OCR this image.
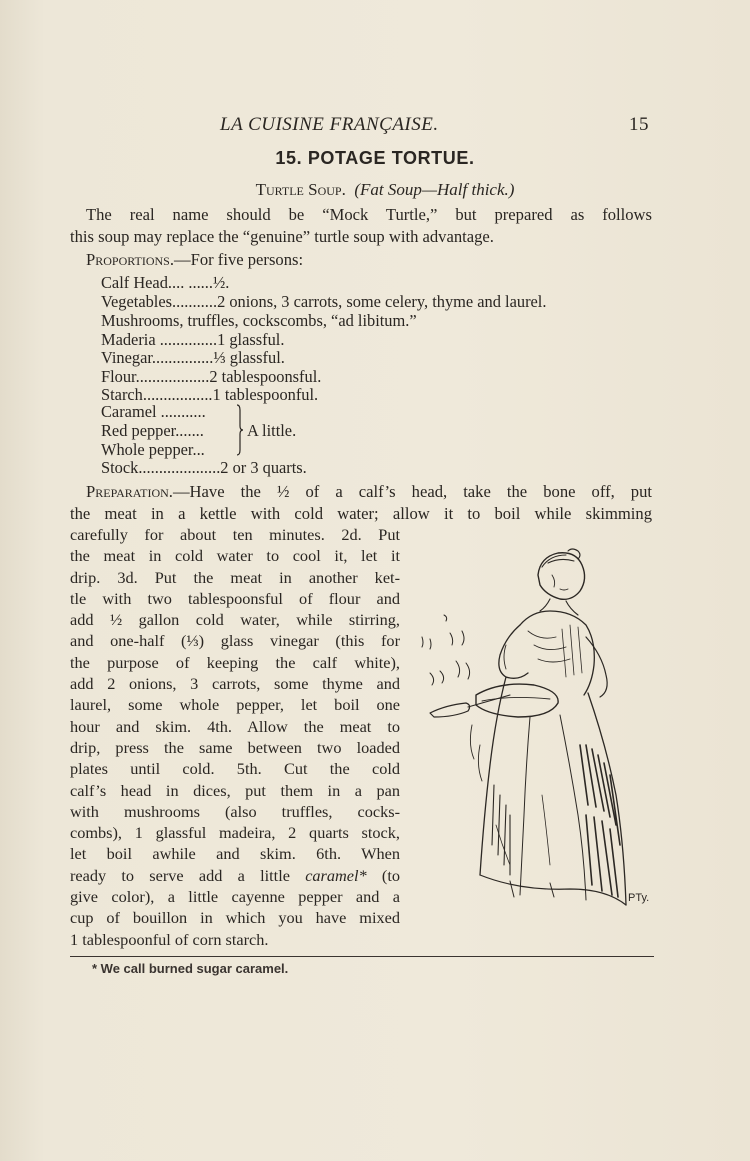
LA CUISINE FRANÇAISE.	15
15. POTAGE TORTUE.
Turtle Soup. (Fat Soup—Half thick.)
The real name should be “Mock Turtle,” but prepared as follows
this soup may replace the “genuine” turtle soup with advantage.
Proportions.—For five persons:
Calf Head.... ......½.
Vegetables...........2 onions, 3 carrots, some celery, thyme and laurel.
Mushrooms, truffles, cockscombs, “ad libitum.”
Maderia ..............1 glassful.
Vinegar...............⅓ glassful.
Flour..................2 tablespoonsful.
Starch.................1 tablespoonful.
Caramel ...........
Red pepper.......
Whole pepper...
A little.
Stock....................2 or 3 quarts.
Preparation.—Have the ½ of a calf’s head, take the bone off, put
the meat in a kettle with cold water; allow it to boil while skimming
carefully for about ten minutes. 2d. Put
the meat in cold water to cool it, let it
drip. 3d. Put the meat in another ket-
tle with two tablespoonsful of flour and
add ½ gallon cold water, while stirring,
and one-half (⅓) glass vinegar (this for
the purpose of keeping the calf white),
add 2 onions, 3 carrots, some thyme and
laurel, some whole pepper, let boil one
hour and skim. 4th. Allow the meat to
drip, press the same between two loaded
plates until cold. 5th. Cut the cold
calf’s head in dices, put them in a pan
with mushrooms (also truffles, cocks-
combs), 1 glassful madeira, 2 quarts stock,
let boil awhile and skim. 6th. When
ready to serve add a little caramel* (to
give color), a little cayenne pepper and a
cup of bouillon in which you have mixed
1 tablespoonful of corn starch.
PTy.
* We call burned sugar caramel.
